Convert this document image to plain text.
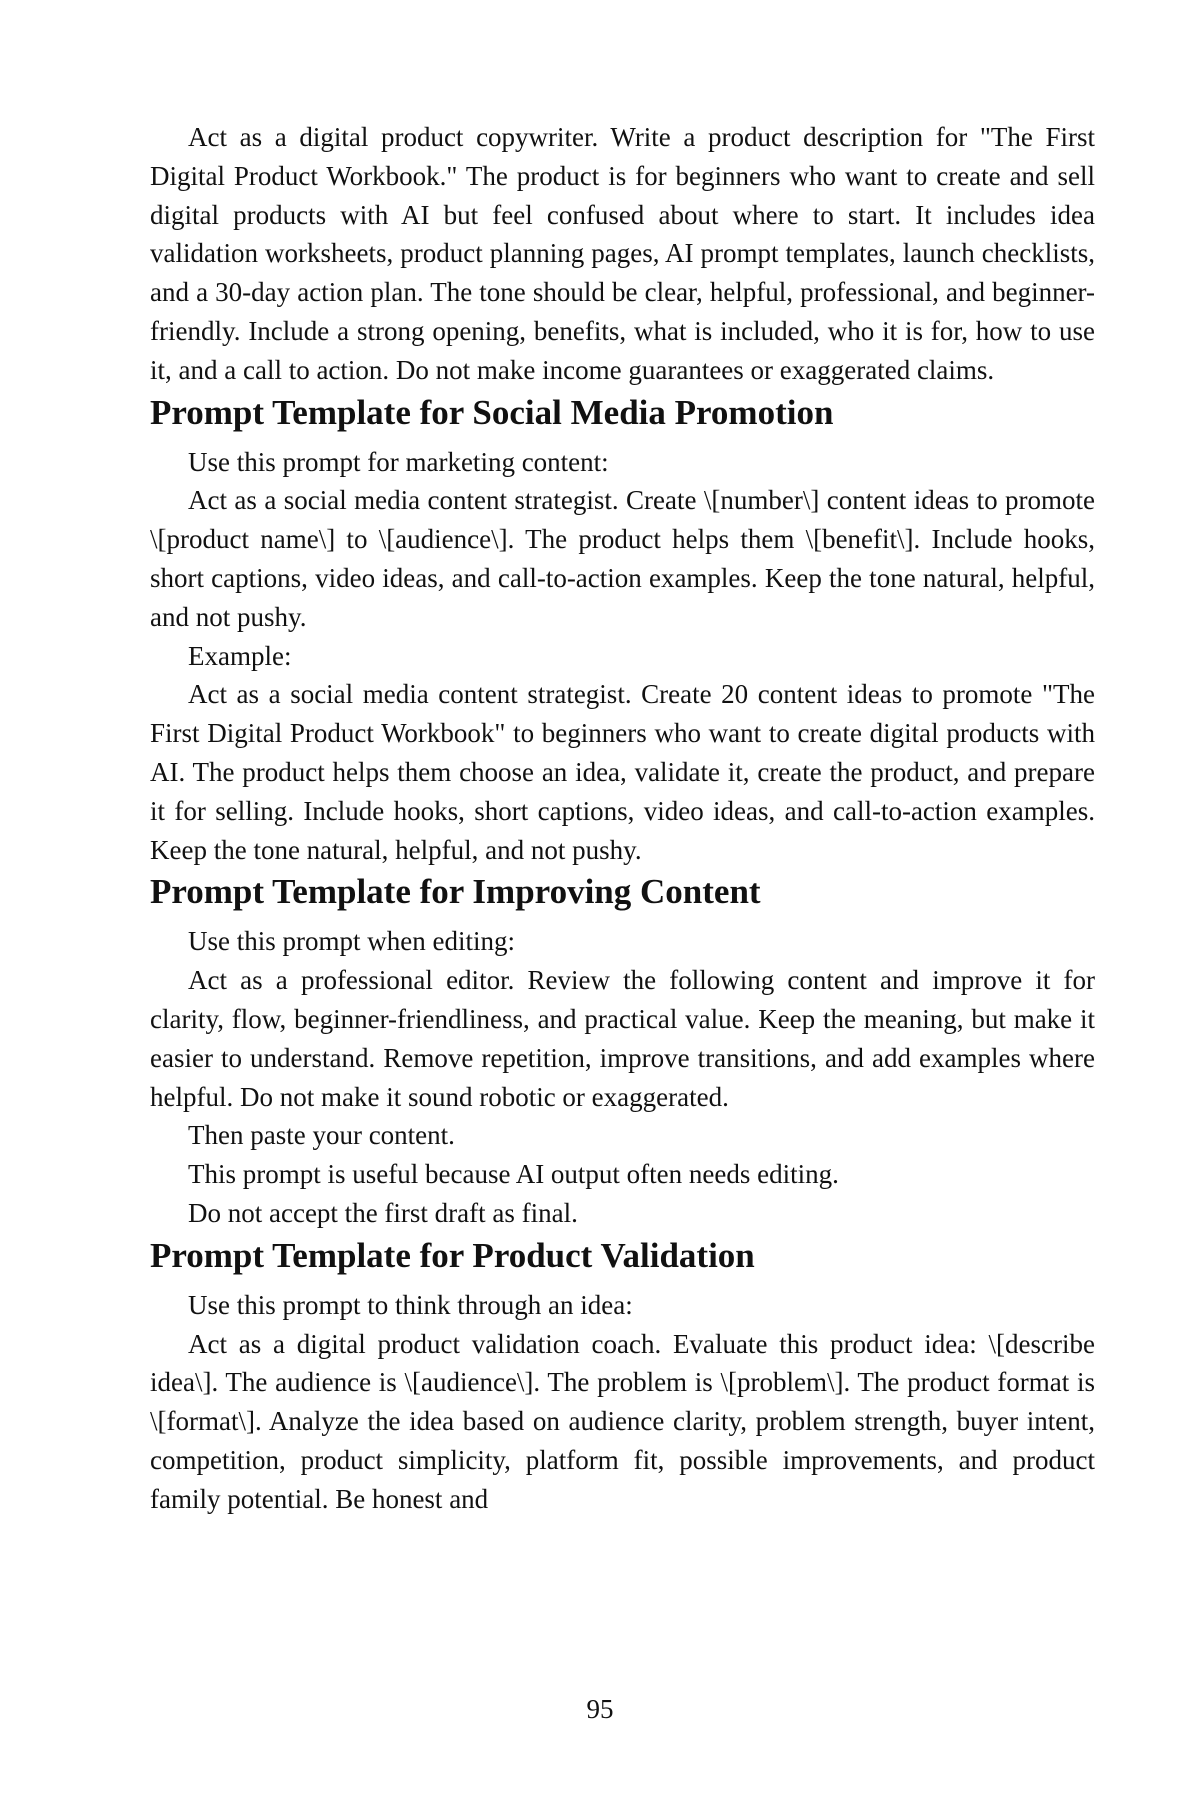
Act as a digital product copywriter. Write a product description for "The First Digital Product Workbook." The product is for beginners who want to create and sell digital products with AI but feel confused about where to start. It includes idea validation worksheets, product planning pages, AI prompt templates, launch checklists, and a 30-day action plan. The tone should be clear, helpful, professional, and beginner-friendly. Include a strong opening, benefits, what is included, who it is for, how to use it, and a call to action. Do not make income guarantees or exaggerated claims.

Prompt Template for Social Media Promotion

Use this prompt for marketing content:

Act as a social media content strategist. Create \[number\] content ideas to promote \[product name\] to \[audience\]. The product helps them \[benefit\]. Include hooks, short captions, video ideas, and call-to-action examples. Keep the tone natural, helpful, and not pushy.

Example:

Act as a social media content strategist. Create 20 content ideas to promote "The First Digital Product Workbook" to beginners who want to create digital products with AI. The product helps them choose an idea, validate it, create the product, and prepare it for selling. Include hooks, short captions, video ideas, and call-to-action examples. Keep the tone natural, helpful, and not pushy.

Prompt Template for Improving Content

Use this prompt when editing:

Act as a professional editor. Review the following content and improve it for clarity, flow, beginner-friendliness, and practical value. Keep the meaning, but make it easier to understand. Remove repetition, improve transitions, and add examples where helpful. Do not make it sound robotic or exaggerated.

Then paste your content.

This prompt is useful because AI output often needs editing.

Do not accept the first draft as final.

Prompt Template for Product Validation

Use this prompt to think through an idea:

Act as a digital product validation coach. Evaluate this product idea: \[describe idea\]. The audience is \[audience\]. The problem is \[problem\]. The product format is \[format\]. Analyze the idea based on audience clarity, problem strength, buyer intent, competition, product simplicity, platform fit, possible improvements, and product family potential. Be honest and

95
